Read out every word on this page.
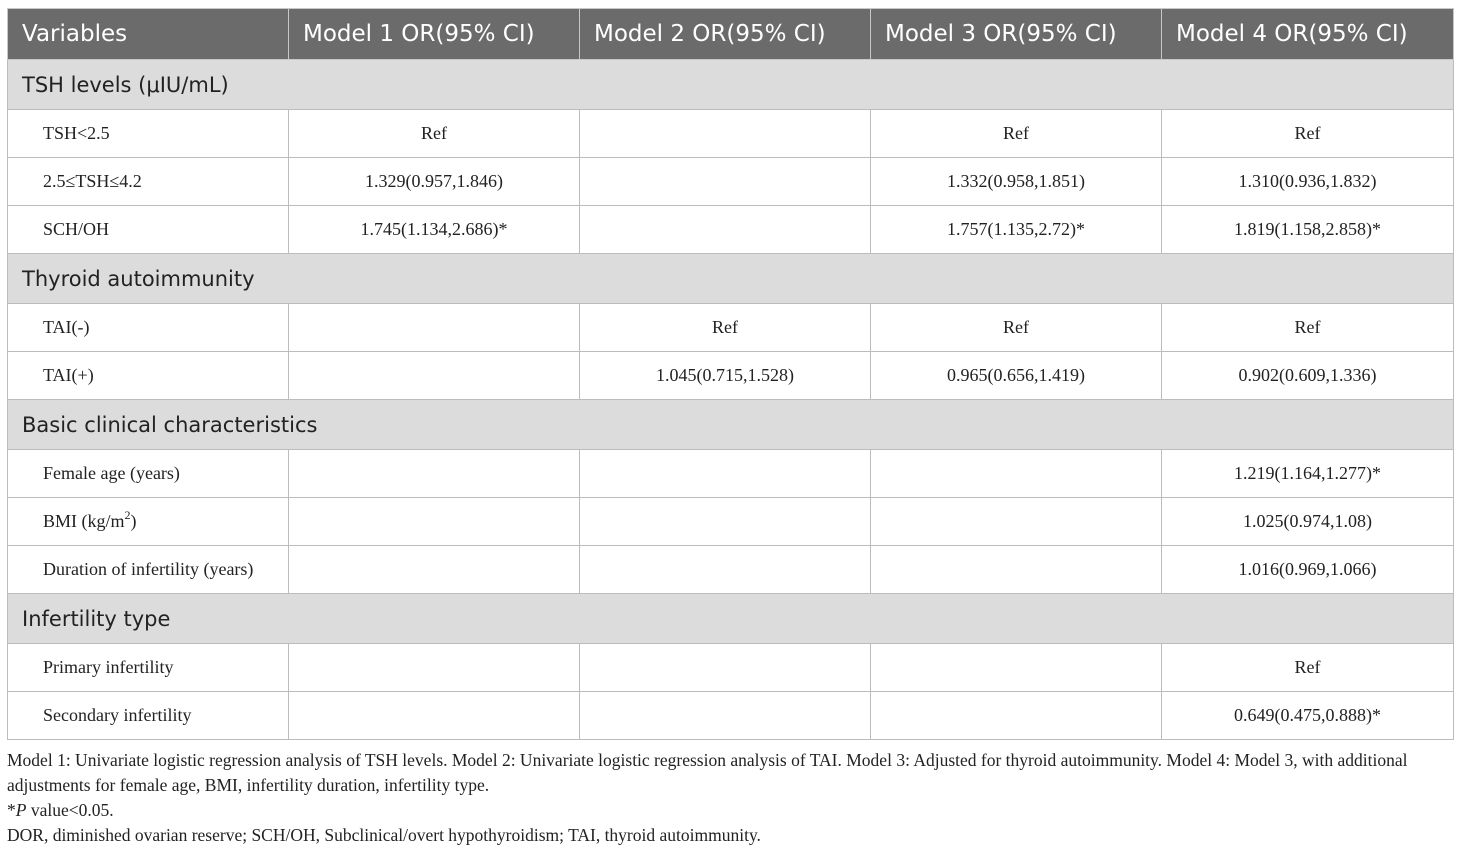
Variables	Model 1 OR(95% CI)	Model 2 OR(95% CI)	Model 3 OR(95% CI)	Model 4 OR(95% CI)
TSH levels (μIU/mL)				
TSH<2.5	Ref		Ref	Ref
2.5≤TSH≤4.2	1.329(0.957,1.846)		1.332(0.958,1.851)	1.310(0.936,1.832)
SCH/OH	1.745(1.134,2.686)*		1.757(1.135,2.72)*	1.819(1.158,2.858)*
Thyroid autoimmunity				
TAI(-)		Ref	Ref	Ref
TAI(+)		1.045(0.715,1.528)	0.965(0.656,1.419)	0.902(0.609,1.336)
Basic clinical characteristics				
Female age (years)				1.219(1.164,1.277)*
BMI $(kg/m^2)$				1.025(0.974,1.08)
Duration of infertility (years)				1.016(0.969,1.066)
Infertility type				
Primary infertility				Ref
Secondary infertility				0.649(0.475,0.888)*

Model 1: Univariate logistic regression analysis of TSH levels. Model 2: Univariate logistic regression analysis of TAI. Model 3: Adjusted for thyroid autoimmunity. Model 4: Model 3, with additional adjustments for female age, BMI, infertility duration, infertility type.

*P value<0.05.

DOR, diminished ovarian reserve; SCH/OH, Subclinical/overt hypothyroidism; TAI, thyroid autoimmunity.
